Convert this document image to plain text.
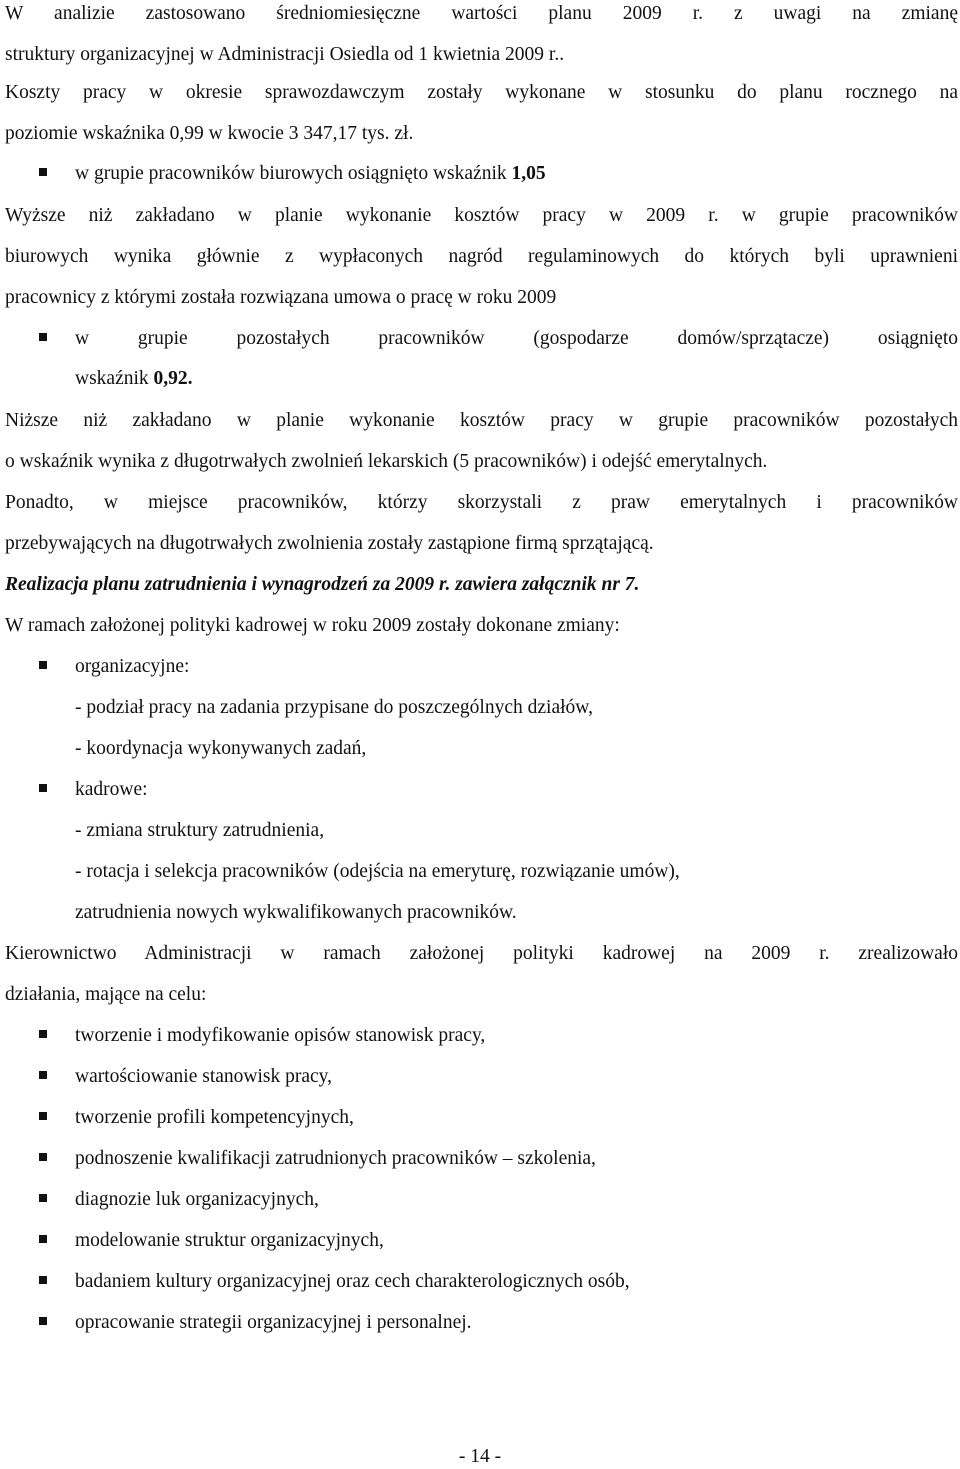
W analizie zastosowano średniomiesięczne wartości planu 2009 r. z uwagi na zmianę
struktury organizacyjnej w Administracji Osiedla od 1 kwietnia 2009 r..
Koszty pracy w okresie sprawozdawczym zostały wykonane w stosunku do planu rocznego na
poziomie wskaźnika 0,99 w kwocie 3 347,17 tys. zł.
w grupie pracowników biurowych osiągnięto wskaźnik 1,05
Wyższe niż zakładano w planie wykonanie kosztów pracy w 2009 r. w grupie pracowników
biurowych wynika głównie z wypłaconych nagród regulaminowych do których byli uprawnieni
pracownicy z którymi została rozwiązana umowa o pracę w roku 2009
w grupie pozostałych pracowników (gospodarze domów/sprzątacze) osiągnięto
wskaźnik 0,92.
Niższe niż zakładano w planie wykonanie kosztów pracy w grupie pracowników pozostałych
o wskaźnik wynika z długotrwałych zwolnień lekarskich (5 pracowników) i odejść emerytalnych.
Ponadto, w miejsce pracowników, którzy skorzystali z praw emerytalnych i pracowników
przebywających na długotrwałych zwolnienia zostały zastąpione firmą sprzątającą.
Realizacja planu zatrudnienia i wynagrodzeń za 2009 r. zawiera załącznik nr 7.
W ramach założonej polityki kadrowej w roku 2009 zostały dokonane zmiany:
organizacyjne:
- podział pracy na zadania przypisane do poszczególnych działów,
- koordynacja wykonywanych zadań,
kadrowe:
- zmiana struktury zatrudnienia,
- rotacja i selekcja pracowników (odejścia na emeryturę, rozwiązanie umów),
zatrudnienia nowych wykwalifikowanych pracowników.
Kierownictwo Administracji w ramach założonej polityki kadrowej na 2009 r. zrealizowało
działania, mające na celu:
tworzenie i modyfikowanie opisów stanowisk pracy,
wartościowanie stanowisk pracy,
tworzenie profili kompetencyjnych,
podnoszenie kwalifikacji zatrudnionych pracowników – szkolenia,
diagnozie luk organizacyjnych,
modelowanie struktur organizacyjnych,
badaniem kultury organizacyjnej oraz cech charakterologicznych osób,
opracowanie strategii organizacyjnej i personalnej.
- 14 -
